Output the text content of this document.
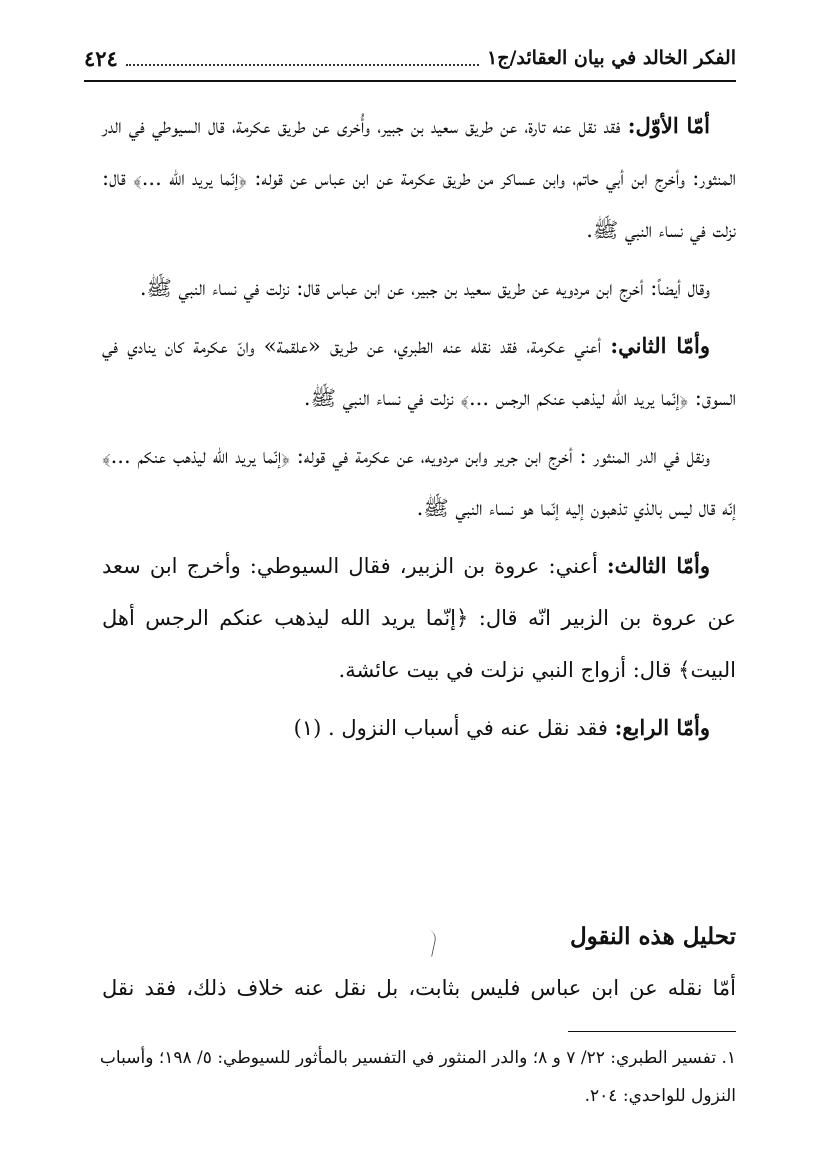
الفكر الخالد في بيان العقائد/ج١
٤٢٤

أمّا الأوّل: فقد نقل عنه تارة، عن طريق سعيد بن جبير، وأُخرى عن طريق عكرمة، قال السيوطي في الدر المنثور: وأخرج ابن أبي حاتم، وابن عساكر من طريق عكرمة عن ابن عباس عن قوله: ﴿إنّما يريد الله ...﴾ قال: نزلت في نساء النبي ﷺ.

وقال أيضاً: أخرج ابن مردويه عن طريق سعيد بن جبير، عن ابن عباس قال: نزلت في نساء النبي ﷺ.

وأمّا الثاني: أعني عكرمة، فقد نقله عنه الطبري، عن طريق «علقمة» وانّ عكرمة كان ينادي في السوق: ﴿إنّما يريد الله ليذهب عنكم الرجس ...﴾ نزلت في نساء النبي ﷺ.

ونقل في الدر المنثور : أخرج ابن جرير وابن مردويه، عن عكرمة في قوله: ﴿إنّما يريد الله ليذهب عنكم ...﴾ إنّه قال ليس بالذي تذهبون إليه إنّما هو نساء النبي ﷺ.

وأمّا الثالث: أعني: عروة بن الزبير، فقال السيوطي: وأخرج ابن سعد عن عروة بن الزبير انّه قال: ﴿إنّما يريد الله ليذهب عنكم الرجس أهل البيت﴾ قال: أزواج النبي نزلت في بيت عائشة.

وأمّا الرابع: فقد نقل عنه في أسباب النزول . (١)

تحليل هذه النقول
أمّا نقله عن ابن عباس فليس بثابت، بل نقل عنه خلاف ذلك، فقد نقل
١. تفسير الطبري: ٢٢/ ٧ و ٨؛ والدر المنثور في التفسير بالمأثور للسيوطي: ٥/ ١٩٨؛ وأسباب النزول للواحدي: ٢٠٤.
